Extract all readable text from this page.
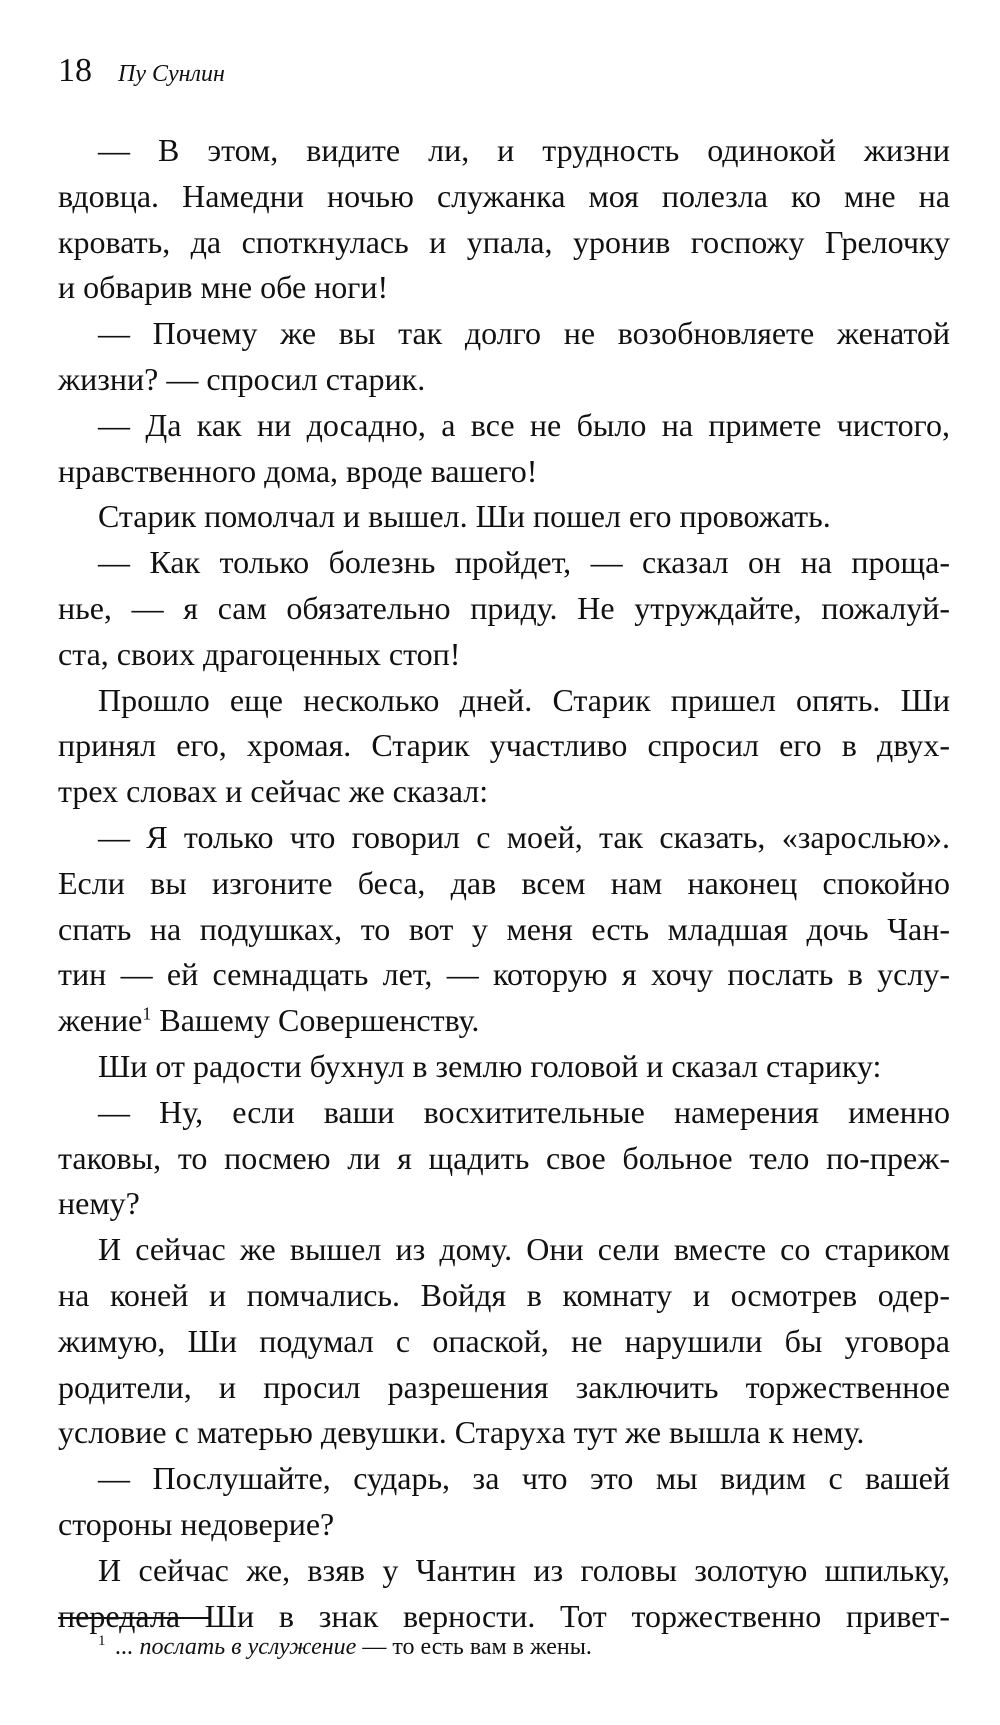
18 Пу Сунлин
— В этом, видите ли, и трудность одинокой жизни
вдовца. Намедни ночью служанка моя полезла ко мне на
кровать, да споткнулась и упала, уронив госпожу Грелочку
и обварив мне обе ноги!
— Почему же вы так долго не возобновляете женатой
жизни? — спросил старик.
— Да как ни досадно, а все не было на примете чистого,
нравственного дома, вроде вашего!
Старик помолчал и вышел. Ши пошел его провожать.
— Как только болезнь пройдет, — сказал он на проща-
нье, — я сам обязательно приду. Не утруждайте, пожалуй-
ста, своих драгоценных стоп!
Прошло еще несколько дней. Старик пришел опять. Ши
принял его, хромая. Старик участливо спросил его в двух-
трех словах и сейчас же сказал:
— Я только что говорил с моей, так сказать, «зарослью».
Если вы изгоните беса, дав всем нам наконец спокойно
спать на подушках, то вот у меня есть младшая дочь Чан-
тин — ей семнадцать лет, — которую я хочу послать в услу-
жение$^1$ Вашему Совершенству.
Ши от радости бухнул в землю головой и сказал старику:
— Ну, если ваши восхитительные намерения именно
таковы, то посмею ли я щадить свое больное тело по-преж-
нему?
И сейчас же вышел из дому. Они сели вместе со стариком
на коней и помчались. Войдя в комнату и осмотрев одер-
жимую, Ши подумал с опаской, не нарушили бы уговора
родители, и просил разрешения заключить торжественное
условие с матерью девушки. Старуха тут же вышла к нему.
— Послушайте, сударь, за что это мы видим с вашей
стороны недоверие?
И сейчас же, взяв у Чантин из головы золотую шпильку,
передала Ши в знак верности. Тот торжественно привет-
$^1$ ... послать в услужение — то есть вам в жены.
